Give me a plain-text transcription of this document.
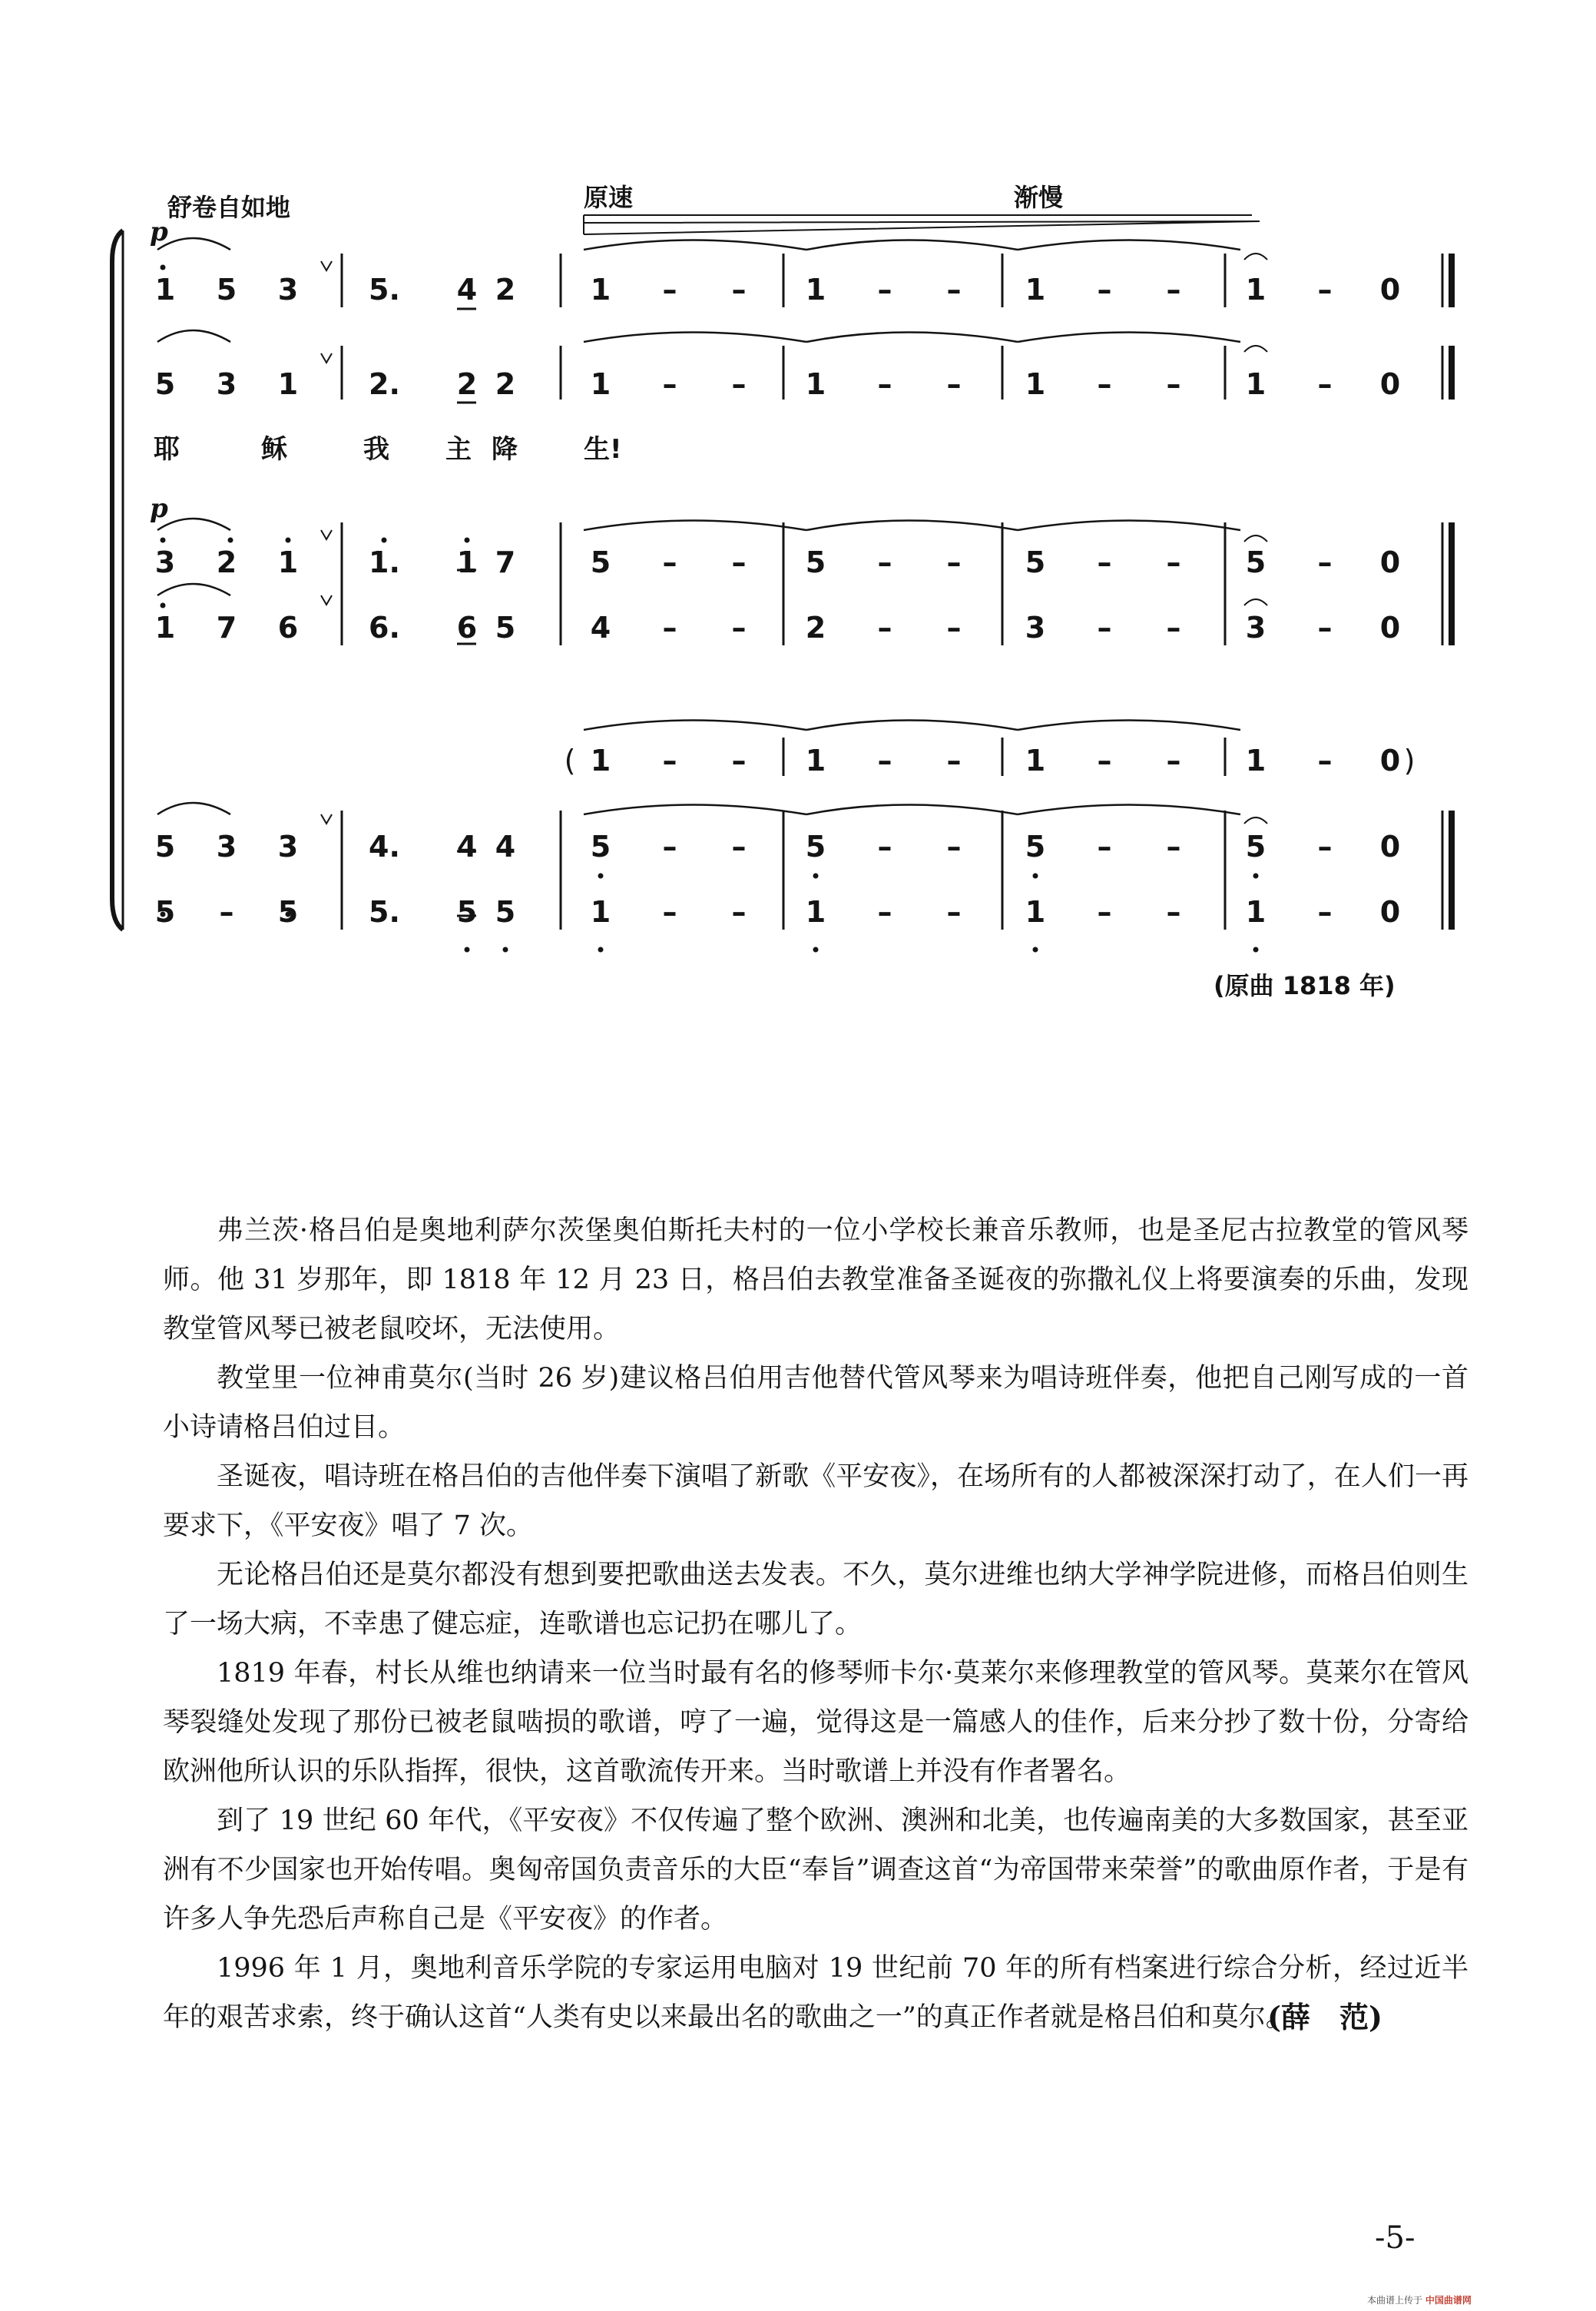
舒卷自如地	原速	渐慢
p
p
耶	稣	我 主 降	生!
1 5 3 5. 4 2	1 – – 1 – – 1 – – 1 – 0
5 3 1 2. 2 2	1 – – 1 – – 1 – – 1 – 0
3 2 1 1. 1 7	5 – – 5 – – 5 – – 5 – 0
1 7 6 6. 6 5	4 – – 2 – – 3 – – 3 – 0
( 1 – – 1 – – 1 – – 1 – 0 )
5 3 3 4. 4 4	5 – – 5 – – 5 – – 5 – 0
5 – 5 5. 5 5	1 – – 1 – – 1 – – 1 – 0
(原曲 1818 年)

弗兰茨·格吕伯是奥地利萨尔茨堡奥伯斯托夫村的一位小学校长兼音乐教师，也是圣尼古拉教堂的管风琴师。他 31 岁那年，即 1818 年 12 月 23 日，格吕伯去教堂准备圣诞夜的弥撒礼仪上将要演奏的乐曲，发现教堂管风琴已被老鼠咬坏，无法使用。

教堂里一位神甫莫尔(当时 26 岁)建议格吕伯用吉他替代管风琴来为唱诗班伴奏，他把自己刚写成的一首小诗请格吕伯过目。

圣诞夜，唱诗班在格吕伯的吉他伴奏下演唱了新歌《平安夜》，在场所有的人都被深深打动了，在人们一再要求下，《平安夜》唱了 7 次。

无论格吕伯还是莫尔都没有想到要把歌曲送去发表。不久，莫尔进维也纳大学神学院进修，而格吕伯则生了一场大病，不幸患了健忘症，连歌谱也忘记扔在哪儿了。

1819 年春，村长从维也纳请来一位当时最有名的修琴师卡尔·莫莱尔来修理教堂的管风琴。莫莱尔在管风琴裂缝处发现了那份已被老鼠啮损的歌谱，哼了一遍，觉得这是一篇感人的佳作，后来分抄了数十份，分寄给欧洲他所认识的乐队指挥，很快，这首歌流传开来。当时歌谱上并没有作者署名。

到了 19 世纪 60 年代，《平安夜》不仅传遍了整个欧洲、澳洲和北美，也传遍南美的大多数国家，甚至亚洲有不少国家也开始传唱。奥匈帝国负责音乐的大臣“奉旨”调查这首“为帝国带来荣誉”的歌曲原作者，于是有许多人争先恐后声称自己是《平安夜》的作者。

1996 年 1 月，奥地利音乐学院的专家运用电脑对 19 世纪前 70 年的所有档案进行综合分析，经过近半年的艰苦求索，终于确认这首“人类有史以来最出名的歌曲之一”的真正作者就是格吕伯和莫尔。

(薛　范)
-5-
本曲谱上传于 中国曲谱网
